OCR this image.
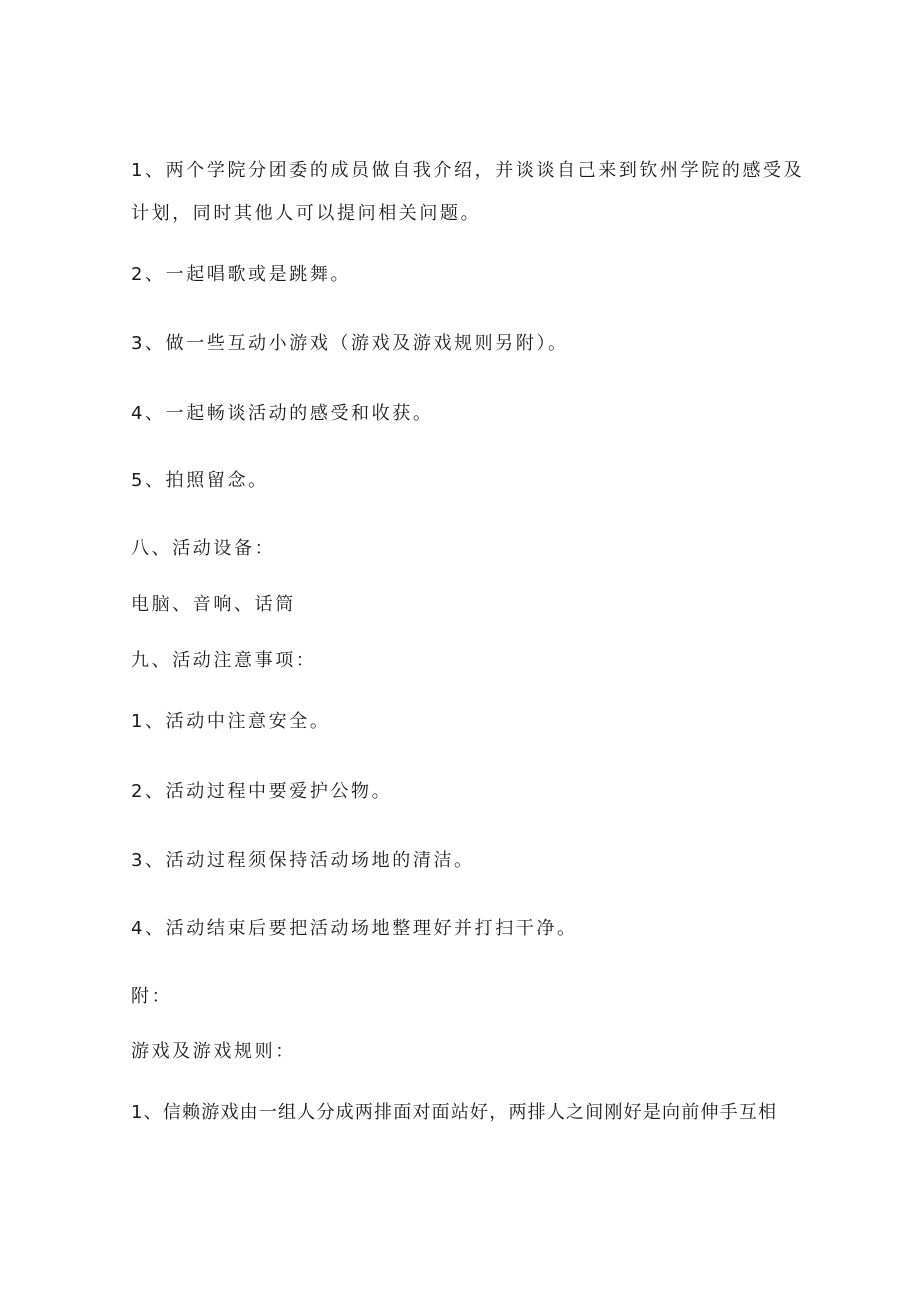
1、两个学院分团委的成员做自我介绍，并谈谈自己来到钦州学院的感受及
计划，同时其他人可以提问相关问题。
2、一起唱歌或是跳舞。
3、做一些互动小游戏（游戏及游戏规则另附）。
4、一起畅谈活动的感受和收获。
5、拍照留念。
八、活动设备：
电脑、音响、话筒
九、活动注意事项：
1、活动中注意安全。
2、活动过程中要爱护公物。
3、活动过程须保持活动场地的清洁。
4、活动结束后要把活动场地整理好并打扫干净。
附：
游戏及游戏规则：
1、信赖游戏由一组人分成两排面对面站好，两排人之间刚好是向前伸手互相
